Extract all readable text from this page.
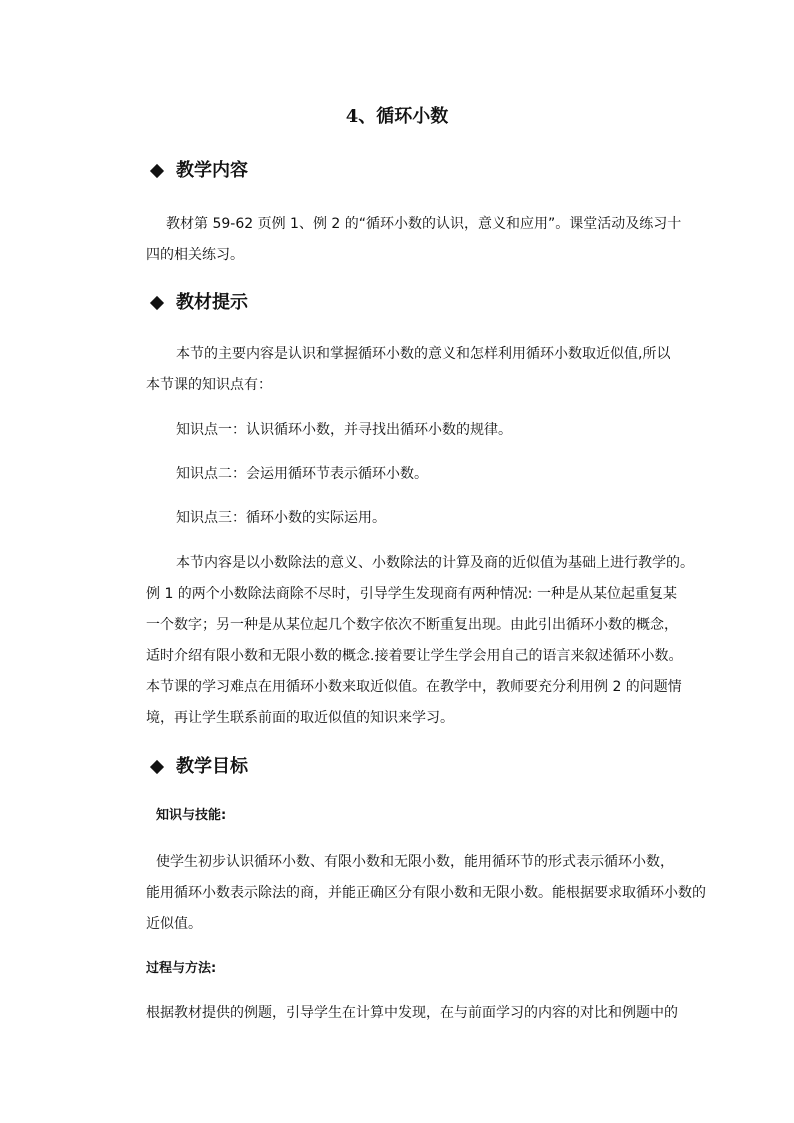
4、循环小数
教学内容
教材第 59-62 页例 1、例 2 的“循环小数的认识，意义和应用”。课堂活动及练习十
四的相关练习。
教材提示
本节的主要内容是认识和掌握循环小数的意义和怎样利用循环小数取近似值,所以
本节课的知识点有：
知识点一：认识循环小数，并寻找出循环小数的规律。
知识点二：会运用循环节表示循环小数。
知识点三：循环小数的实际运用。
本节内容是以小数除法的意义、小数除法的计算及商的近似值为基础上进行教学的。
例 1 的两个小数除法商除不尽时，引导学生发现商有两种情况: 一种是从某位起重复某
一个数字；另一种是从某位起几个数字依次不断重复出现。由此引出循环小数的概念，
适时介绍有限小数和无限小数的概念.接着要让学生学会用自己的语言来叙述循环小数。
本节课的学习难点在用循环小数来取近似值。在教学中，教师要充分利用例 2 的问题情
境，再让学生联系前面的取近似值的知识来学习。
教学目标
知识与技能:
使学生初步认识循环小数、有限小数和无限小数，能用循环节的形式表示循环小数，
能用循环小数表示除法的商，并能正确区分有限小数和无限小数。能根据要求取循环小数的
近似值。
过程与方法:
根据教材提供的例题，引导学生在计算中发现，在与前面学习的内容的对比和例题中的
